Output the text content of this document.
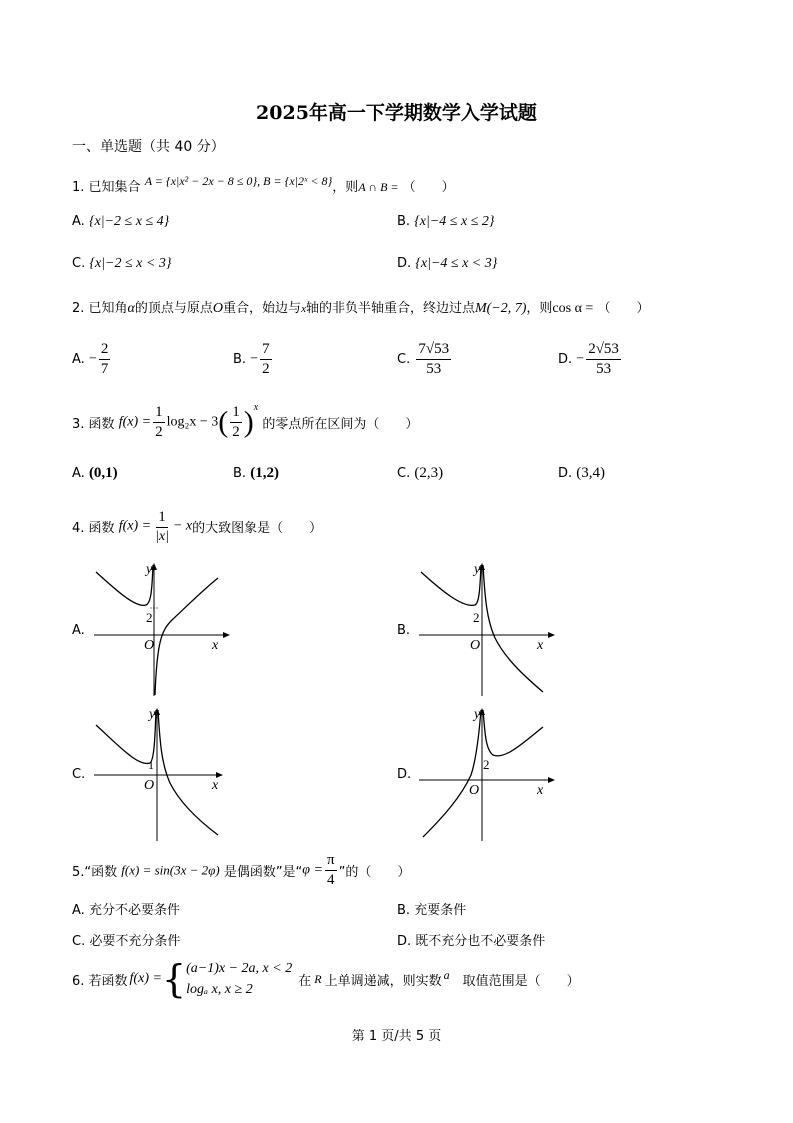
2025年高一下学期数学入学试题
一、单选题（共 40 分）
1. 已知集合 A = {x|x² − 2x − 8 ≤ 0}, B = {x|2ˣ < 8}，则A ∩ B = （　　）
A. {x|−2 ≤ x ≤ 4}	B. {x|−4 ≤ x ≤ 2}
C. {x|−2 ≤ x < 3}	D. {x|−4 ≤ x < 3}
2. 已知角α的顶点与原点O重合，始边与x轴的非负半轴重合，终边过点M(−2, 7)，则cos α = （　　）
A. − $\frac{2}{7}$	B. − $\frac{7}{2}$	C. $\frac{7√53}{53}$	D. − $\frac{2√53}{53}$
3. 函数 $f(x) = \frac{1}{2} \log_2x - 3( \frac{1}{2} )^x$ 的零点所在区间为（　　）
A. (0,1)	B. (1,2)	C. (2,3)	D. (3,4)
4. 函数 $f(x) = \frac{1}{|x|} - x$的大致图象是（　　）
A.
y
2
O	x
B.
y
2
O	x
C.
y
1
O	x
D.
y
2
O	x
5.“函数 f(x) = sin(3x − 2φ) 是偶函数”是“$\varphi = \frac{\pi}{4}$ ”的（　　）
A. 充分不必要条件	B. 充要条件
C. 必要不充分条件	D. 既不充分也不必要条件
6. 若函数 f(x) = { (a−1)x − 2a, x < 2
logₐ x, x ≥ 2
在 R 上单调递减，则实数 a 　取值范围是（　　）
第 1 页/共 5 页
